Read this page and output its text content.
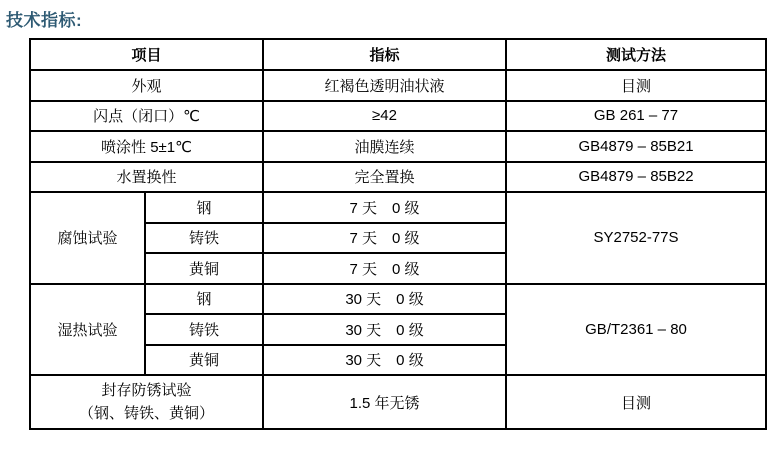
技术指标:
项目		指标	测试方法
外观		红褐色透明油状液	目测
闪点（闭口）℃		≥42	GB 261 – 77
喷涂性 5±1℃		油膜连续	GB4879 – 85B21
水置换性		完全置换	GB4879 – 85B22
腐蚀试验	钢	7 天　0 级	SY2752-77S
	铸铁	7 天　0 级	
	黄铜	7 天　0 级	
湿热试验	钢	30 天　0 级	GB/T2361 – 80
	铸铁	30 天　0 级	
	黄铜	30 天　0 级	

封存防锈试验
（钢、铸铁、黄铜）		1.5 年无锈	目测
